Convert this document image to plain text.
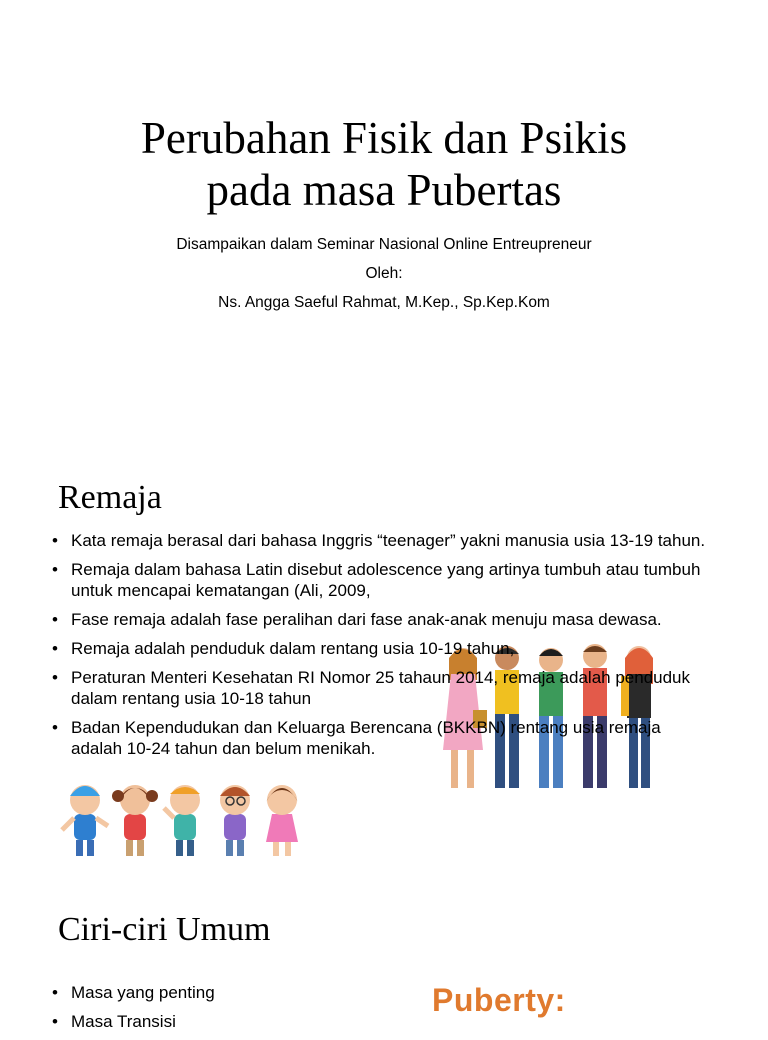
Perubahan Fisik dan Psikis
pada masa Pubertas
Disampaikan dalam Seminar Nasional Online Entreupreneur
Oleh:
Ns. Angga Saeful Rahmat, M.Kep., Sp.Kep.Kom
Remaja
• Kata remaja berasal dari bahasa Inggris “teenager” yakni manusia usia 13-19 tahun.
• Remaja dalam bahasa Latin disebut adolescence yang artinya tumbuh atau tumbuh untuk mencapai kematangan (Ali, 2009,
• Fase remaja adalah fase peralihan dari fase anak-anak menuju masa dewasa.
• Remaja adalah penduduk dalam rentang usia 10-19 tahun,
• Peraturan Menteri Kesehatan RI Nomor 25 tahaun 2014, remaja adalah penduduk dalam rentang usia 10-18 tahun
• Badan Kependudukan dan Keluarga Berencana (BKKBN) rentang usia remaja adalah 10-24 tahun dan belum menikah.
Ciri-ciri Umum
• Masa yang penting
• Masa Transisi
Puberty:
